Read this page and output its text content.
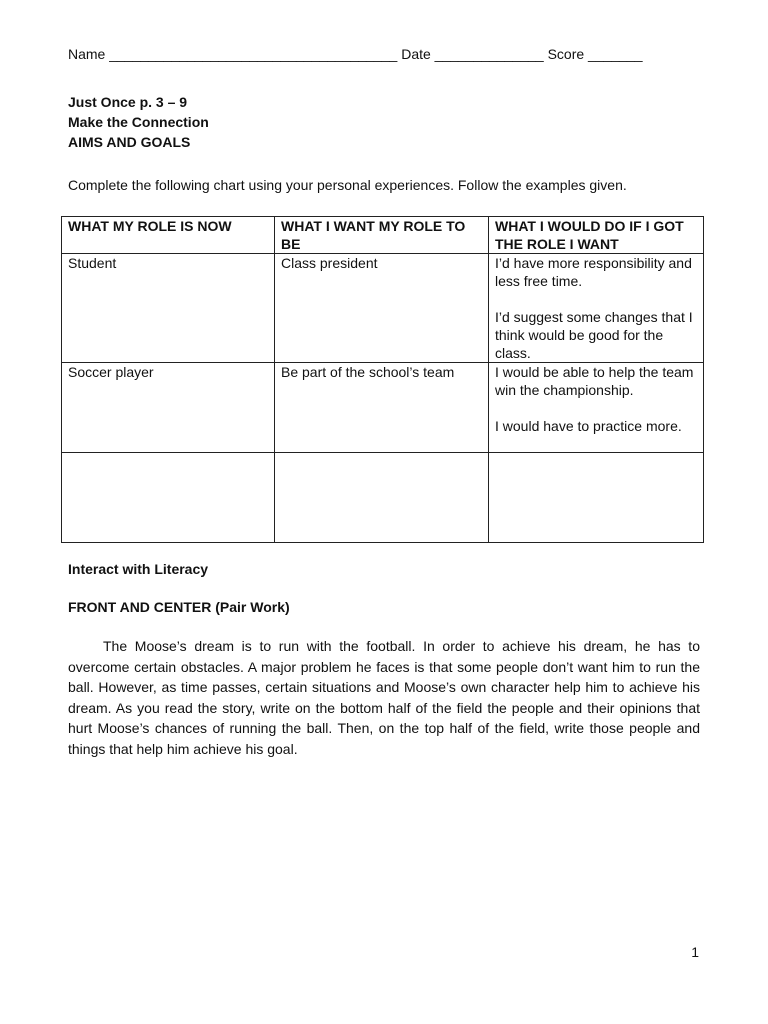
Name _____________________________________ Date ______________ Score _______
Just Once p. 3 – 9
Make the Connection
AIMS AND GOALS
Complete the following chart using your personal experiences. Follow the examples given.
WHAT MY ROLE IS NOW	WHAT I WANT MY ROLE TO BE	WHAT I WOULD DO IF I GOT THE ROLE I WANT
Student	Class president	I’d have more responsibility and less free time.

I’d suggest some changes that I think would be good for the class.

Soccer player	Be part of the school’s team	I would be able to help the team win the championship.

I would have to practice more.

Interact with Literacy
FRONT AND CENTER (Pair Work)
The Moose’s dream is to run with the football. In order to achieve his dream, he has to overcome certain obstacles. A major problem he faces is that some people don’t want him to run the ball. However, as time passes, certain situations and Moose’s own character help him to achieve his dream. As you read the story, write on the bottom half of the field the people and their opinions that hurt Moose’s chances of running the ball. Then, on the top half of the field, write those people and things that help him achieve his goal.
1
